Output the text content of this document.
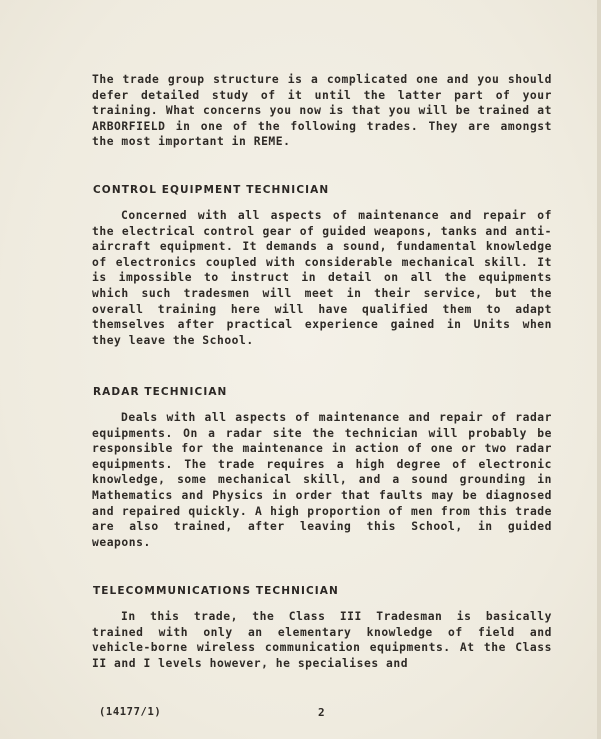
The trade group structure is a complicated one and you should defer detailed study of it until the latter part of your training. What concerns you now is that you will be trained at ARBORFIELD in one of the following trades. They are amongst the most important in REME.

CONTROL EQUIPMENT TECHNICIAN

Concerned with all aspects of maintenance and repair of the electrical control gear of guided weapons, tanks and anti-aircraft equipment. It demands a sound, fundamental knowledge of electronics coupled with considerable mechanical skill. It is impossible to instruct in detail on all the equipments which such tradesmen will meet in their service, but the overall training here will have qualified them to adapt themselves after practical experience gained in Units when they leave the School.

RADAR TECHNICIAN

Deals with all aspects of maintenance and repair of radar equipments. On a radar site the technician will probably be responsible for the maintenance in action of one or two radar equipments. The trade requires a high degree of electronic knowledge, some mechanical skill, and a sound grounding in Mathematics and Physics in order that faults may be diagnosed and repaired quickly. A high proportion of men from this trade are also trained, after leaving this School, in guided weapons.

TELECOMMUNICATIONS TECHNICIAN

In this trade, the Class III Tradesman is basically trained with only an elementary knowledge of field and vehicle-borne wireless communication equipments. At the Class II and I levels however, he specialises and

(14177/1)	2
